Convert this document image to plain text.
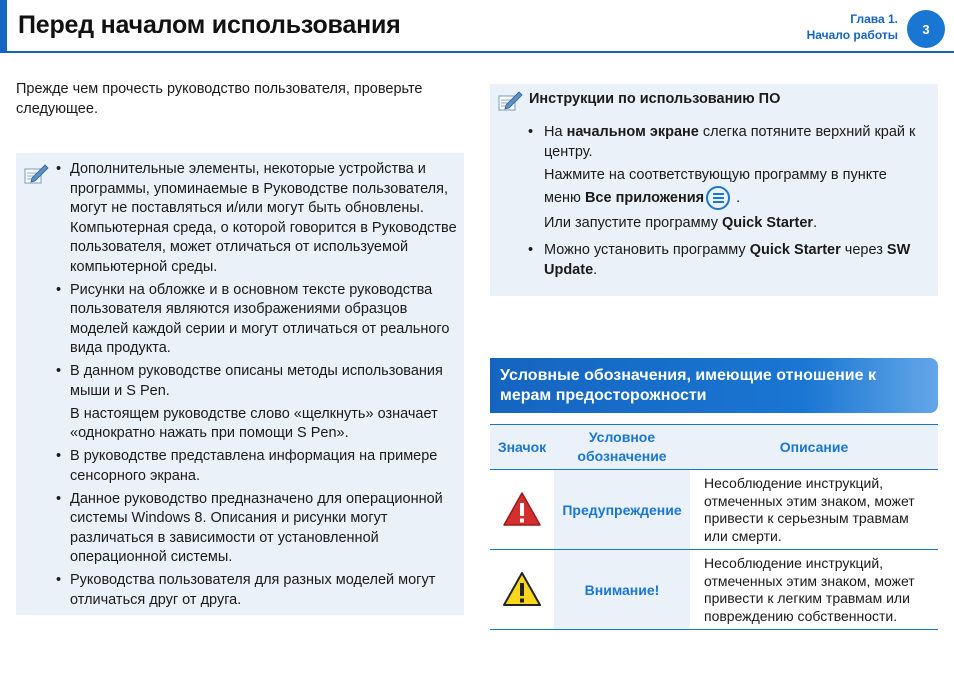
Перед началом использования	Глава 1.
Начало работы	3

Прежде чем прочесть руководство пользователя, проверьте следующее.

• Дополнительные элементы, некоторые устройства и программы, упоминаемые в Руководстве пользователя, могут не поставляться и/или могут быть обновлены. Компьютерная среда, о которой говорится в Руководстве пользователя, может отличаться от используемой компьютерной среды.

• Рисунки на обложке и в основном тексте руководства пользователя являются изображениями образцов моделей каждой серии и могут отличаться от реального вида продукта.

• В данном руководстве описаны методы использования мыши и S Pen.

В настоящем руководстве слово «щелкнуть» означает «однократно нажать при помощи S Pen».

• В руководстве представлена информация на примере сенсорного экрана.

• Данное руководство предназначено для операционной системы Windows 8. Описания и рисунки могут различаться в зависимости от установленной операционной системы.

• Руководства пользователя для разных моделей могут отличаться друг от друга.

Инструкции по использованию ПО

• На начальном экране слегка потяните верхний край к центру.

Нажмите на соответствующую программу в пункте
меню Все приложения
.

Или запустите программу Quick Starter.

• Можно установить программу Quick Starter через SW Update.

Условные обозначения, имеющие отношение к мерам предосторожности
Значок
Условное обозначение
Описание
Предупреждение
Несоблюдение инструкций, отмеченных этим знаком, может привести к серьезным травмам или смерти.
Внимание!
Несоблюдение инструкций, отмеченных этим знаком, может привести к легким травмам или повреждению собственности.
